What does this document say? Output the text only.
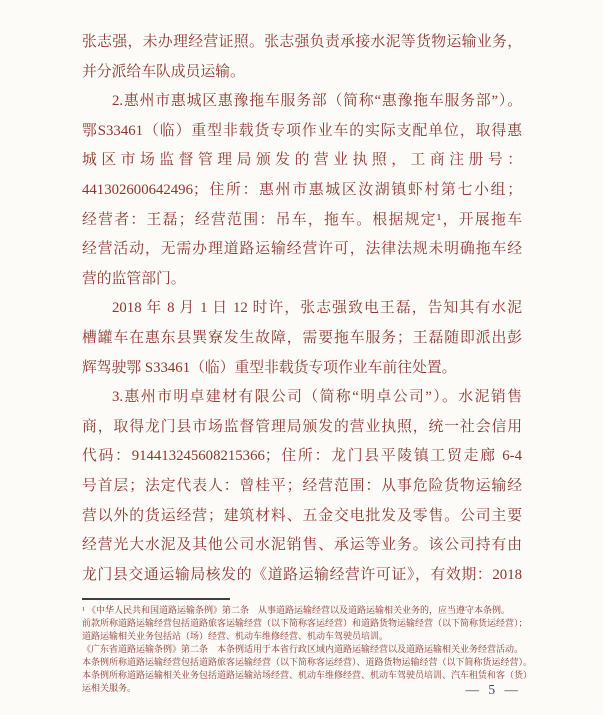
张志强，未办理经营证照。张志强负责承接水泥等货物运输业务，
并分派给车队成员运输。
2.惠州市惠城区惠豫拖车服务部（简称“惠豫拖车服务部”）。
鄂S33461（临）重型非载货专项作业车的实际支配单位，取得惠
城区市场监督管理局颁发的营业执照，工商注册号：
441302600642496；住所：惠州市惠城区汝湖镇虾村第七小组；
经营者：王磊；经营范围：吊车，拖车。根据规定¹，开展拖车
经营活动，无需办理道路运输经营许可，法律法规未明确拖车经
营的监管部门。
2018 年 8 月 1 日 12 时许，张志强致电王磊，告知其有水泥
槽罐车在惠东县巽寮发生故障，需要拖车服务；王磊随即派出彭
辉驾驶鄂 S33461（临）重型非载货专项作业车前往处置。
3.惠州市明卓建材有限公司（简称“明卓公司”）。水泥销售
商，取得龙门县市场监督管理局颁发的营业执照，统一社会信用
代码：914413245608215366；住所：龙门县平陵镇工贸走廊 6-4
号首层；法定代表人：曾桂平；经营范围：从事危险货物运输经
营以外的货运经营；建筑材料、五金交电批发及零售。公司主要
经营光大水泥及其他公司水泥销售、承运等业务。该公司持有由
龙门县交通运输局核发的《道路运输经营许可证》，有效期：2018
¹ 《中华人民共和国道路运输条例》第二条　从事道路运输经营以及道路运输相关业务的，应当遵守本条例。
前款所称道路运输经营包括道路旅客运输经营（以下简称客运经营）和道路货物运输经营（以下简称货运经营）；
道路运输相关业务包括站（场）经营、机动车维修经营、机动车驾驶员培训。
《广东省道路运输条例》第二条　本条例适用于本省行政区域内道路运输经营以及道路运输相关业务经营活动。
本条例所称道路运输经营包括道路旅客运输经营（以下简称客运经营）、道路货物运输经营（以下简称货运经营）。
本条例所称道路运输相关业务包括道路运输站场经营、机动车维修经营、机动车驾驶员培训、汽车租赁和客（货）
运相关服务。	— 5 —
